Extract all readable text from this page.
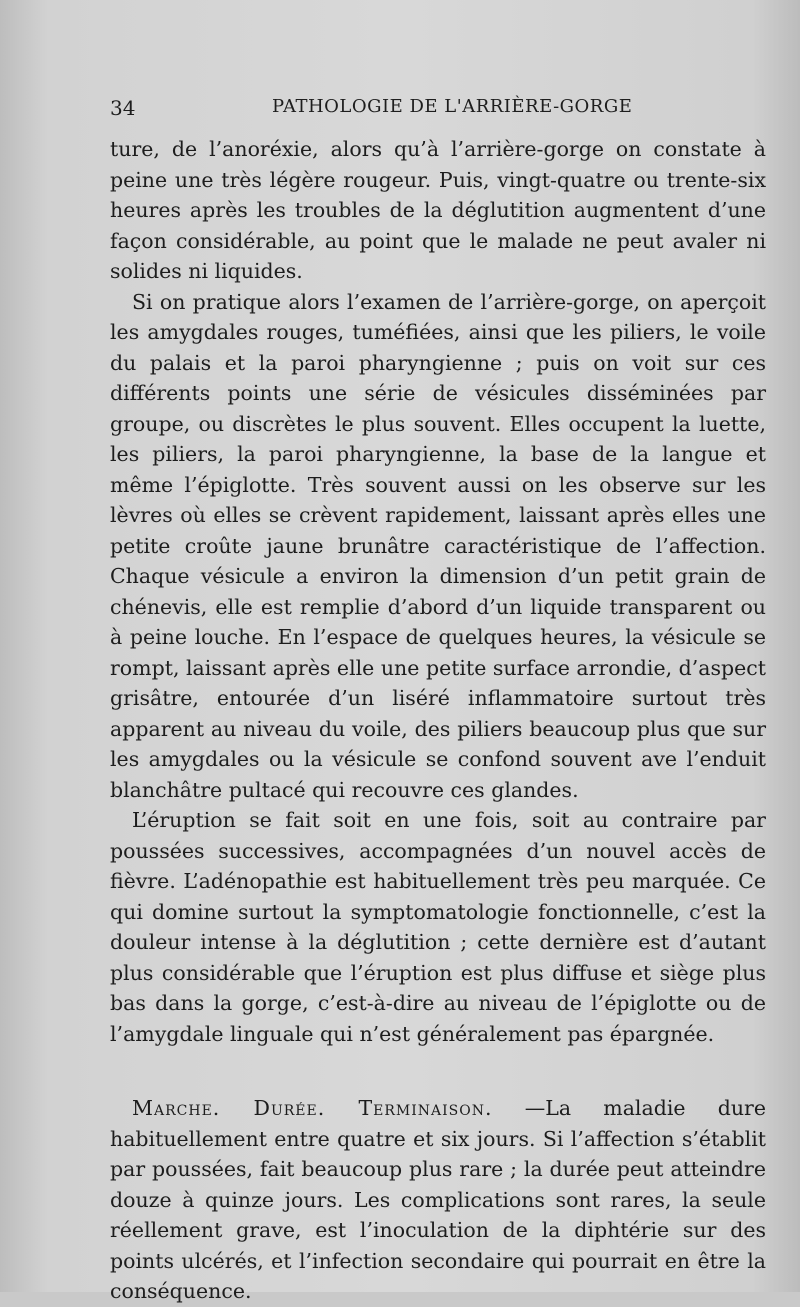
34	PATHOLOGIE DE L'ARRIÈRE-GORGE

ture, de l’anoréxie, alors qu’à l’arrière-gorge on constate à peine une très légère rougeur. Puis, vingt-quatre ou trente-six heures après les troubles de la déglutition augmentent d’une façon considérable, au point que le malade ne peut avaler ni solides ni liquides.

Si on pratique alors l’examen de l’arrière-gorge, on aperçoit les amygdales rouges, tuméfiées, ainsi que les piliers, le voile du palais et la paroi pharyngienne ; puis on voit sur ces différents points une série de vésicules disséminées par groupe, ou discrètes le plus souvent. Elles occupent la luette, les piliers, la paroi pharyngienne, la base de la langue et même l’épiglotte. Très souvent aussi on les observe sur les lèvres où elles se crèvent rapidement, laissant après elles une petite croûte jaune brunâtre caractéristique de l’affection. Chaque vésicule a environ la dimension d’un petit grain de chénevis, elle est remplie d’abord d’un liquide transparent ou à peine louche. En l’espace de quelques heures, la vésicule se rompt, laissant après elle une petite surface arrondie, d’aspect grisâtre, entourée d’un liséré inflammatoire surtout très apparent au niveau du voile, des piliers beaucoup plus que sur les amygdales ou la vésicule se confond souvent ave l’enduit blanchâtre pultacé qui recouvre ces glandes.

L’éruption se fait soit en une fois, soit au contraire par poussées successives, accompagnées d’un nouvel accès de fièvre. L’adénopathie est habituellement très peu marquée. Ce qui domine surtout la symptomatologie fonctionnelle, c’est la douleur intense à la déglutition ; cette dernière est d’autant plus considérable que l’éruption est plus diffuse et siège plus bas dans la gorge, c’est-à-dire au niveau de l’épiglotte ou de l’amygdale linguale qui n’est généralement pas épargnée.

Marche. Durée. Terminaison. —La maladie dure habituellement entre quatre et six jours. Si l’affection s’établit par poussées, fait beaucoup plus rare ; la durée peut atteindre douze à quinze jours. Les complications sont rares, la seule réellement grave, est l’inoculation de la diphtérie sur des points ulcérés, et l’infection secondaire qui pourrait en être la conséquence.
